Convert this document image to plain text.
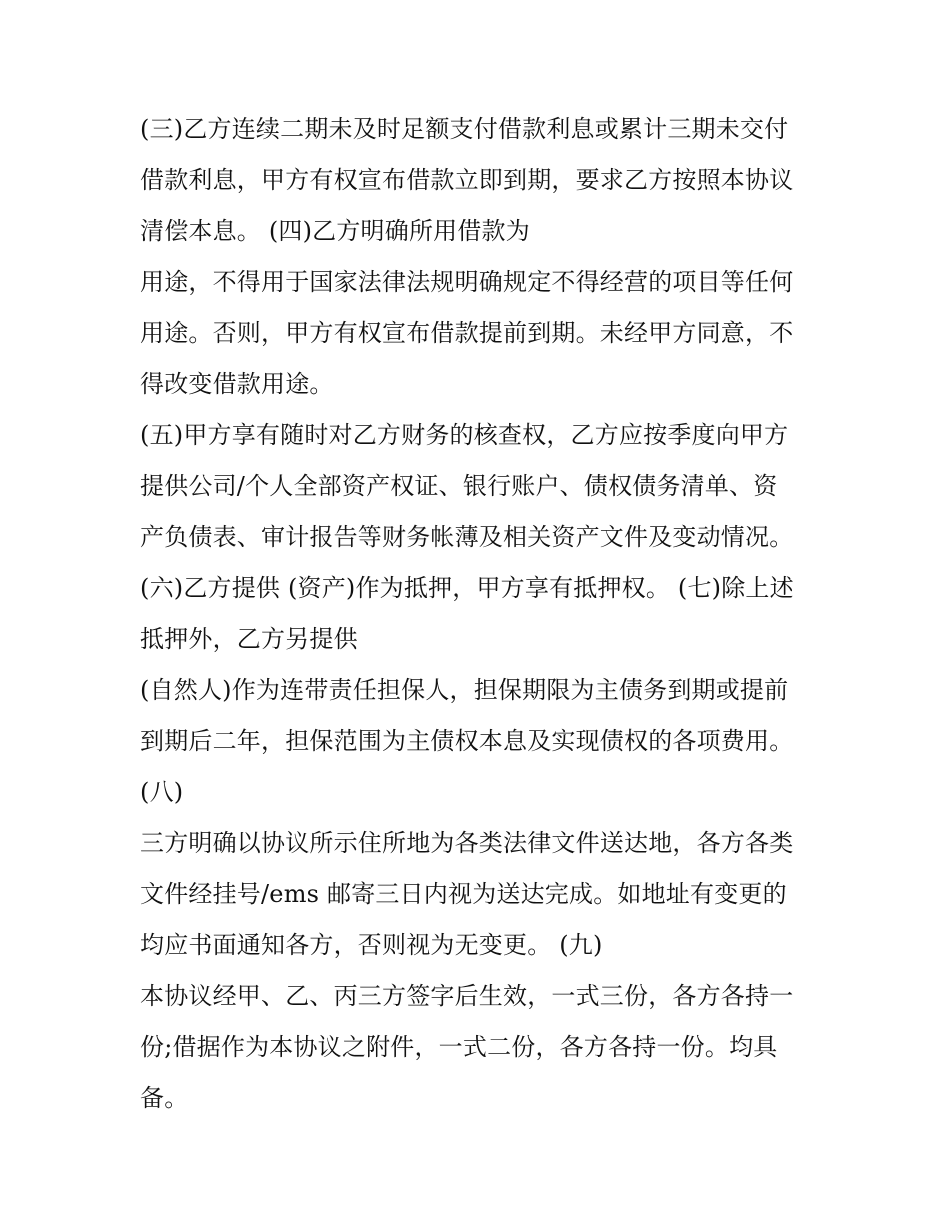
(三)乙方连续二期未及时足额支付借款利息或累计三期未交付
借款利息，甲方有权宣布借款立即到期，要求乙方按照本协议
清偿本息。 (四)乙方明确所用借款为
用途，不得用于国家法律法规明确规定不得经营的项目等任何
用途。否则，甲方有权宣布借款提前到期。未经甲方同意，不
得改变借款用途。
(五)甲方享有随时对乙方财务的核查权，乙方应按季度向甲方
提供公司/个人全部资产权证、银行账户、债权债务清单、资
产负债表、审计报告等财务帐薄及相关资产文件及变动情况。
(六)乙方提供 (资产)作为抵押，甲方享有抵押权。 (七)除上述
抵押外，乙方另提供
(自然人)作为连带责任担保人，担保期限为主债务到期或提前
到期后二年，担保范围为主债权本息及实现债权的各项费用。
(八)
三方明确以协议所示住所地为各类法律文件送达地，各方各类
文件经挂号/ems 邮寄三日内视为送达完成。如地址有变更的
均应书面通知各方，否则视为无变更。 (九)
本协议经甲、乙、丙三方签字后生效，一式三份，各方各持一
份;借据作为本协议之附件，一式二份，各方各持一份。均具
备。
